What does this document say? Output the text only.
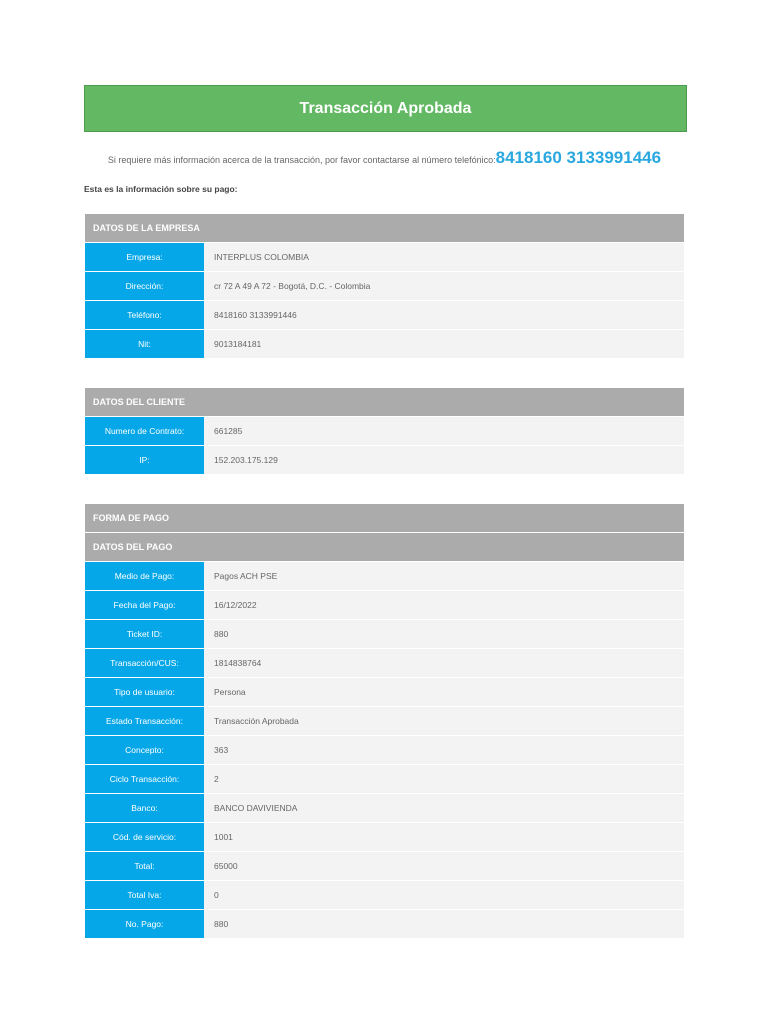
Transacción Aprobada
Si requiere más información acerca de la transacción, por favor contactarse al número telefónico:8418160 3133991446
Esta es la información sobre su pago:
DATOS DE LA EMPRESA
Empresa:	INTERPLUS COLOMBIA
Dirección:	cr 72 A 49 A 72 - Bogotá, D.C. - Colombia
Teléfono:	8418160 3133991446
Nit:	9013184181
DATOS DEL CLIENTE
Numero de Contrato:	661285
IP:	152.203.175.129
FORMA DE PAGO
DATOS DEL PAGO
Medio de Pago:	Pagos ACH PSE
Fecha del Pago:	16/12/2022
Ticket ID:	880
Transacción/CUS:	1814838764
Tipo de usuario:	Persona
Estado Transacción:	Transacción Aprobada
Concepto:	363
Ciclo Transacción:	2
Banco:	BANCO DAVIVIENDA
Cód. de servicio:	1001
Total:	65000
Total Iva:	0
No. Pago:	880
